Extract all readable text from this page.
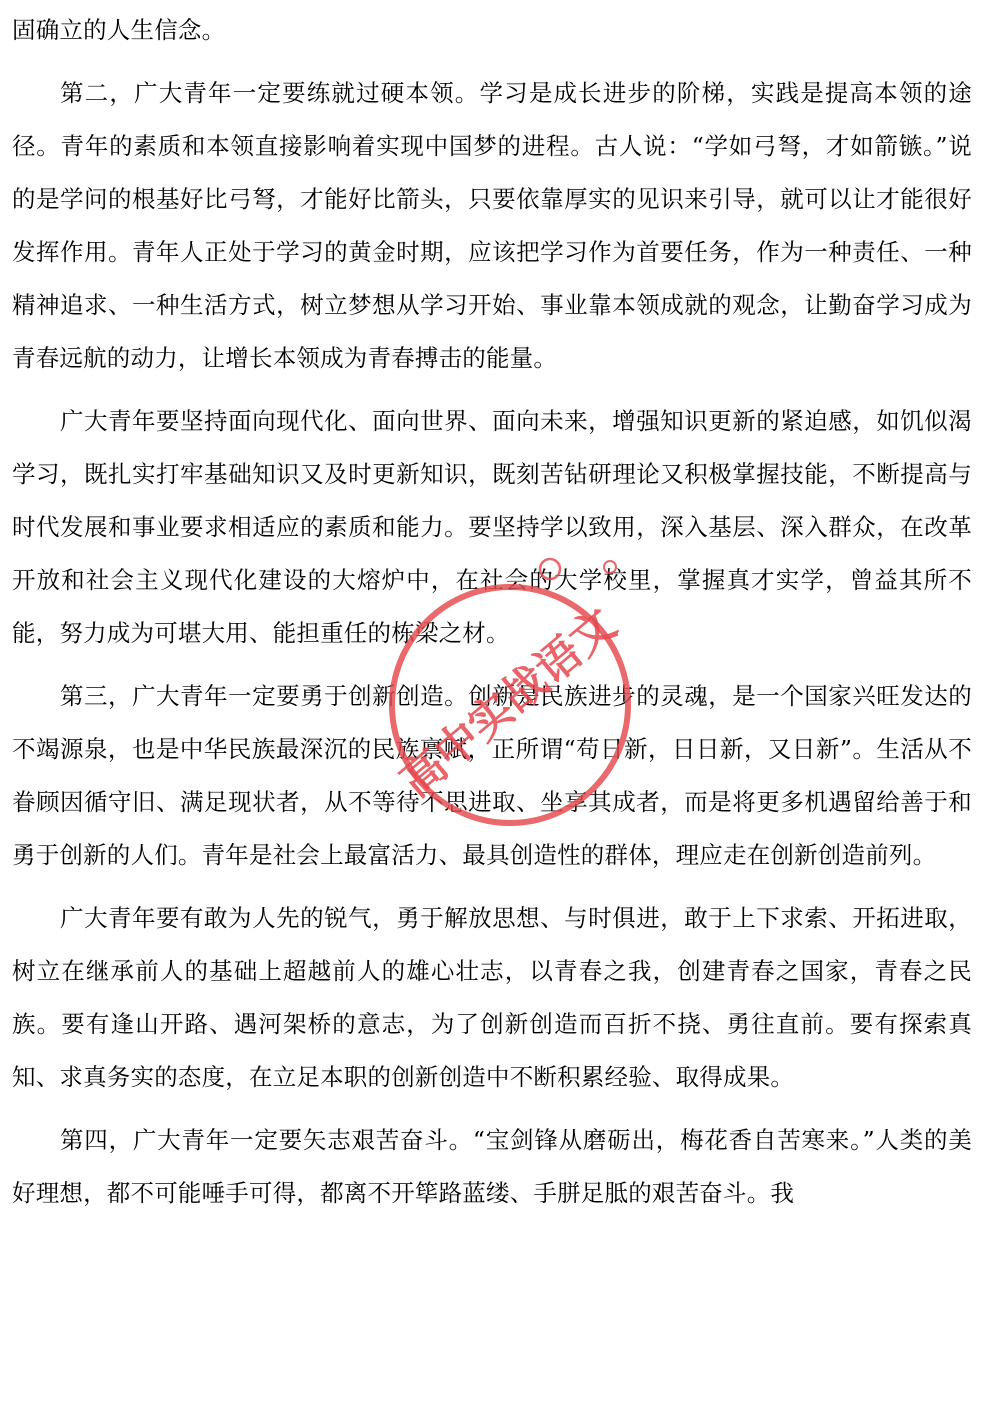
固确立的人生信念。

第二，广大青年一定要练就过硬本领。学习是成长进步的阶梯，实践是提高本领的途径。青年的素质和本领直接影响着实现中国梦的进程。古人说：“学如弓弩，才如箭镞。”说的是学问的根基好比弓弩，才能好比箭头，只要依靠厚实的见识来引导，就可以让才能很好发挥作用。青年人正处于学习的黄金时期，应该把学习作为首要任务，作为一种责任、一种精神追求、一种生活方式，树立梦想从学习开始、事业靠本领成就的观念，让勤奋学习成为青春远航的动力，让增长本领成为青春搏击的能量。

广大青年要坚持面向现代化、面向世界、面向未来，增强知识更新的紧迫感，如饥似渴学习，既扎实打牢基础知识又及时更新知识，既刻苦钻研理论又积极掌握技能，不断提高与时代发展和事业要求相适应的素质和能力。要坚持学以致用，深入基层、深入群众，在改革开放和社会主义现代化建设的大熔炉中，在社会的大学校里，掌握真才实学，曾益其所不能，努力成为可堪大用、能担重任的栋梁之材。

第三，广大青年一定要勇于创新创造。创新是民族进步的灵魂，是一个国家兴旺发达的不竭源泉，也是中华民族最深沉的民族禀赋，正所谓“苟日新，日日新，又日新”。生活从不眷顾因循守旧、满足现状者，从不等待不思进取、坐享其成者，而是将更多机遇留给善于和勇于创新的人们。青年是社会上最富活力、最具创造性的群体，理应走在创新创造前列。

广大青年要有敢为人先的锐气，勇于解放思想、与时俱进，敢于上下求索、开拓进取，树立在继承前人的基础上超越前人的雄心壮志，以青春之我，创建青春之国家，青春之民族。要有逢山开路、遇河架桥的意志，为了创新创造而百折不挠、勇往直前。要有探索真知、求真务实的态度，在立足本职的创新创造中不断积累经验、取得成果。

第四，广大青年一定要矢志艰苦奋斗。“宝剑锋从磨砺出，梅花香自苦寒来。”人类的美好理想，都不可能唾手可得，都离不开筚路蓝缕、手胼足胝的艰苦奋斗。我

高中实战语文
